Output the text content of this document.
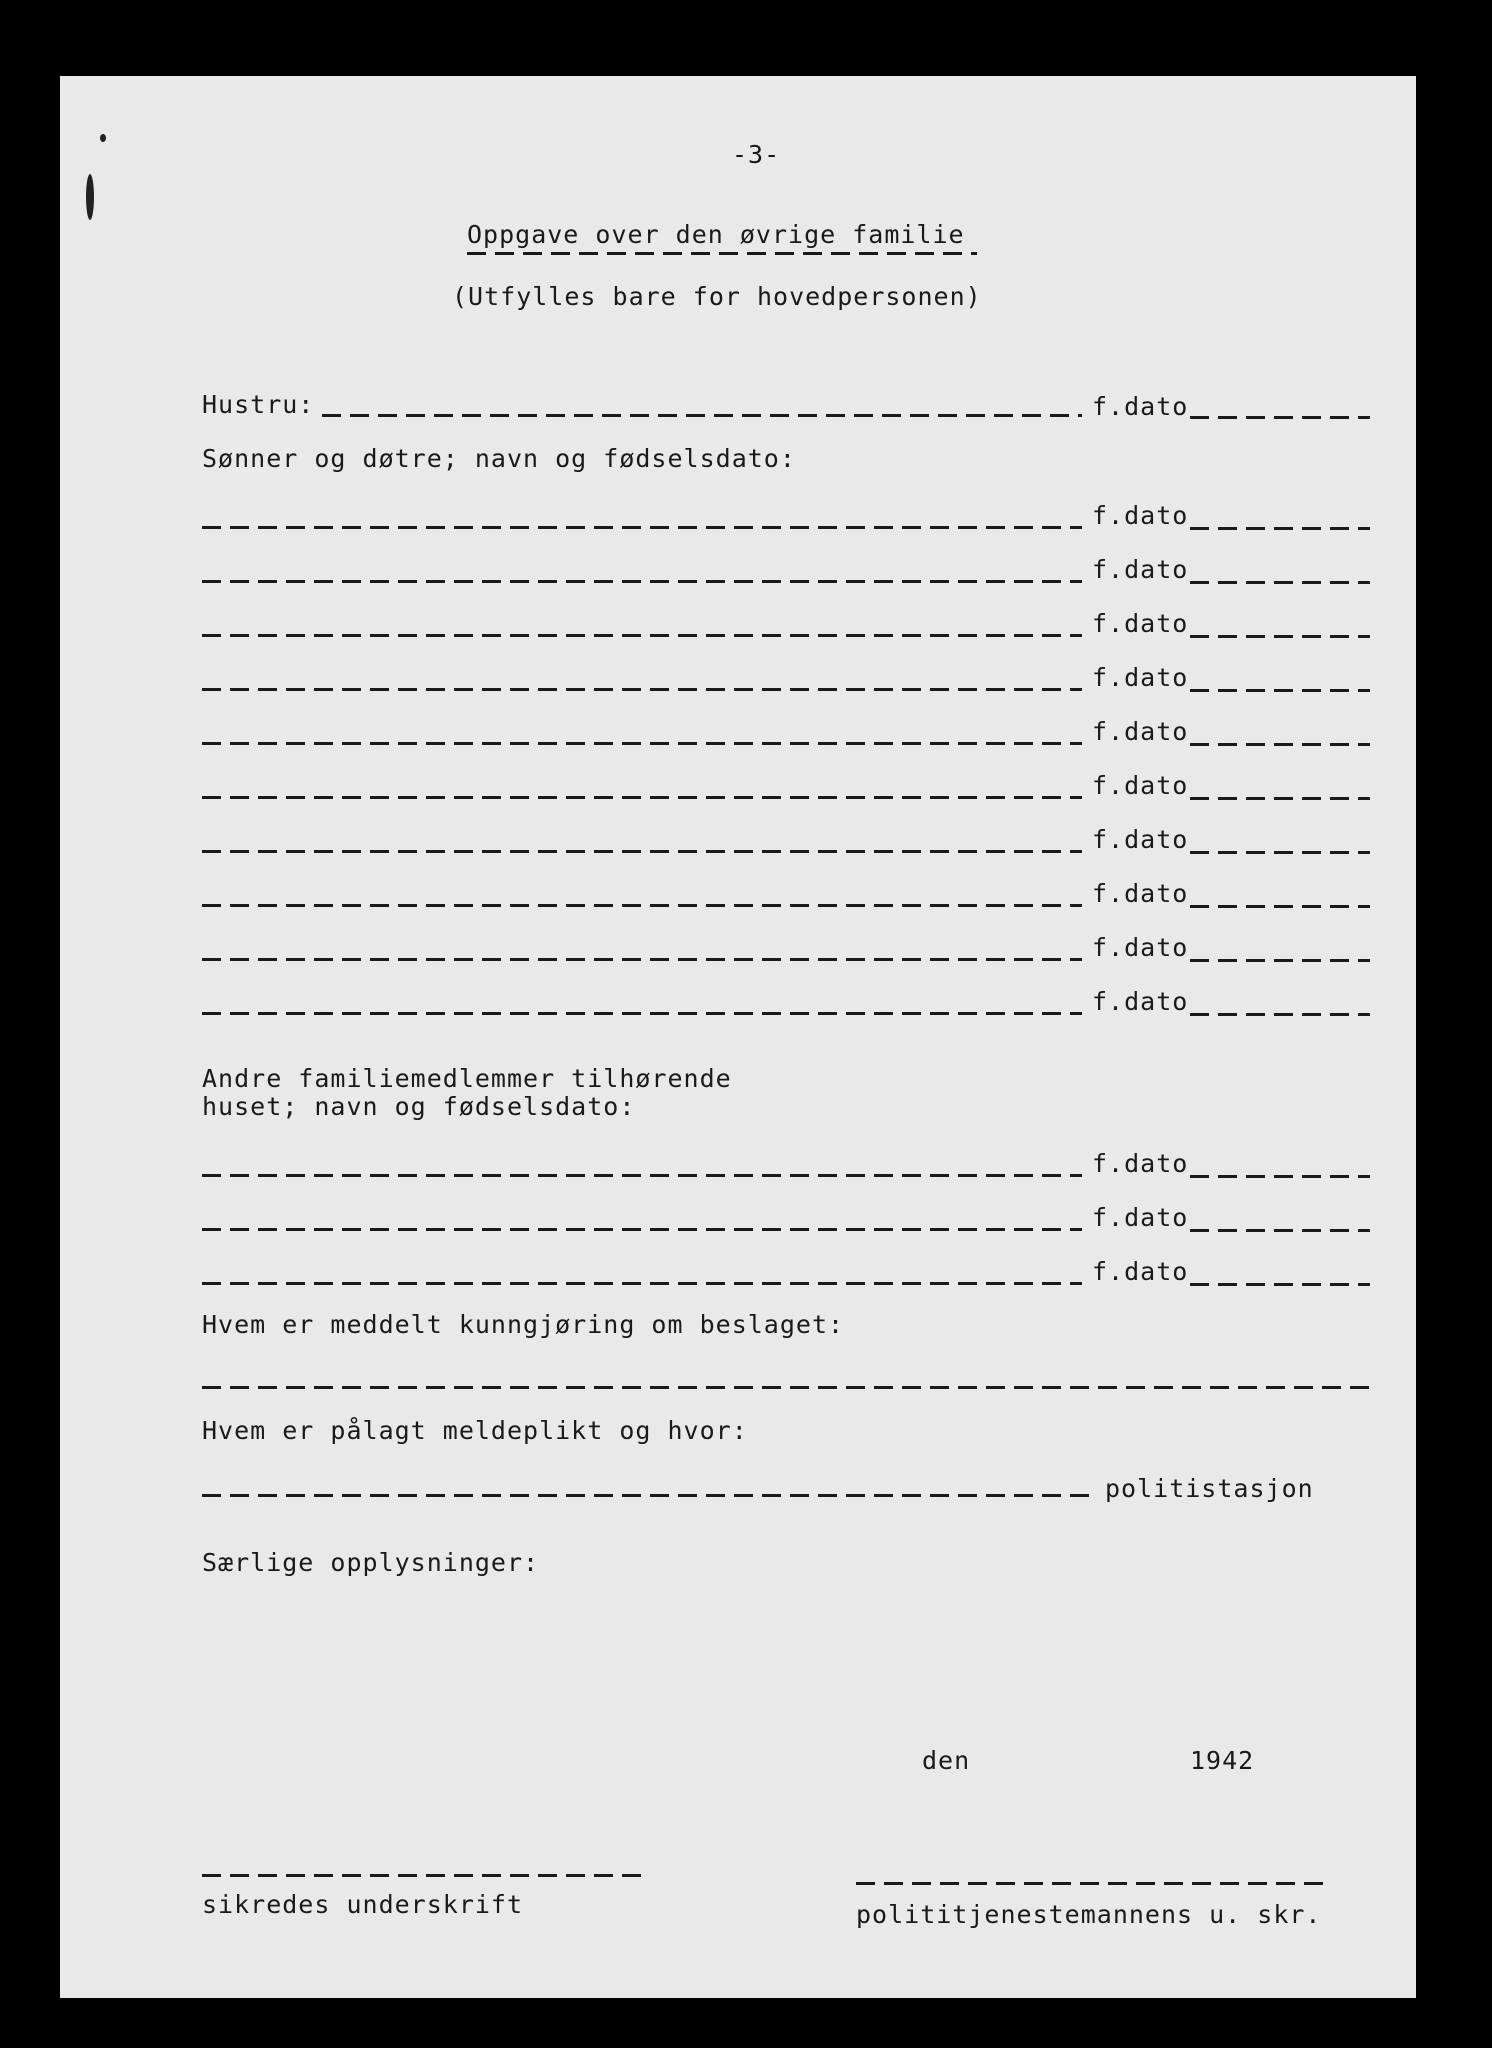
-3-
Oppgave over den øvrige familie
(Utfylles bare for hovedpersonen)
Hustru:	f.dato
Sønner og døtre; navn og fødselsdato:
f.dato
f.dato
f.dato
f.dato
f.dato
f.dato
f.dato
f.dato
f.dato
f.dato
Andre familiemedlemmer tilhørende
huset; navn og fødselsdato:
f.dato
f.dato
f.dato
Hvem er meddelt kunngjøring om beslaget:
Hvem er pålagt meldeplikt og hvor:
politistasjon
Særlige opplysninger:
den	1942
sikredes underskrift	polititjenestemannens u. skr.
